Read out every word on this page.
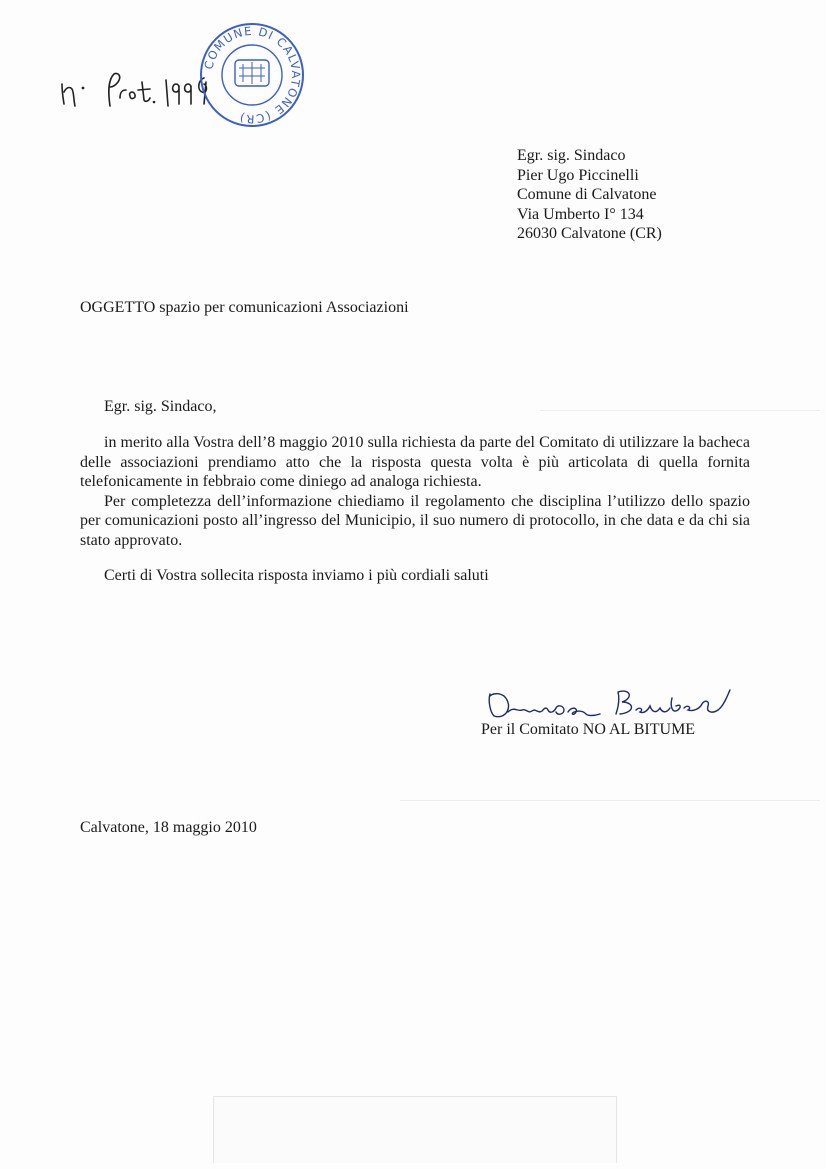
COMUNE DI CALVATONE (CR)
Egr. sig. Sindaco
Pier Ugo Piccinelli
Comune di Calvatone
Via Umberto I° 134
26030 Calvatone (CR)
OGGETTO spazio per comunicazioni Associazioni
Egr. sig. Sindaco,

in merito alla Vostra dell’8 maggio 2010 sulla richiesta da parte del Comitato di utilizzare la bacheca delle associazioni prendiamo atto che la risposta questa volta è più articolata di quella fornita telefonicamente in febbraio come diniego ad analoga richiesta.

Per completezza dell’informazione chiediamo il regolamento che disciplina l’utilizzo dello spazio per comunicazioni posto all’ingresso del Municipio, il suo numero di protocollo, in che data e da chi sia stato approvato.

Certi di Vostra sollecita risposta inviamo i più cordiali saluti
Per il Comitato NO AL BITUME
Calvatone, 18 maggio 2010
